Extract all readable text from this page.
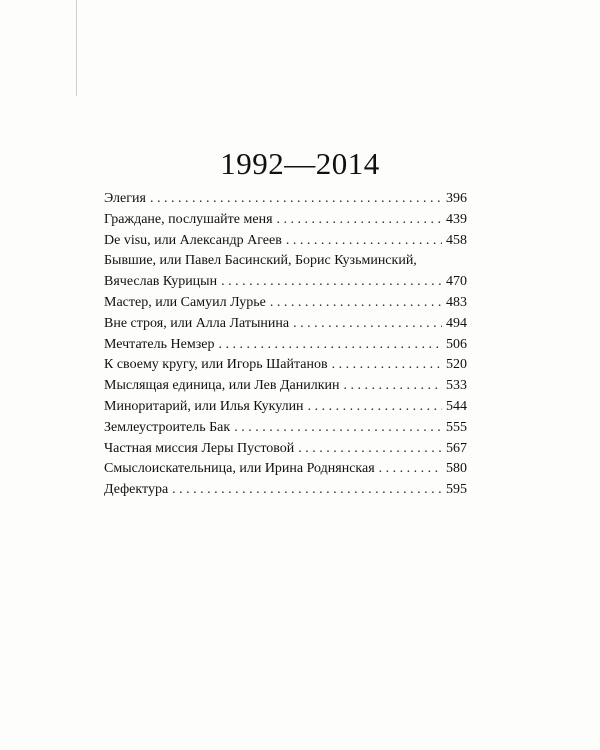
1992—2014
Элегия . . .	396
Граждане, послушайте меня . . .	439
De visu, или Александр Агеев . . .	458
Бывшие, или Павел Басинский, Борис Кузьминский,
Вячеслав Курицын . . .	470
Мастер, или Самуил Лурье . . .	483
Вне строя, или Алла Латынина . . .	494
Мечтатель Немзер . . .	506
К своему кругу, или Игорь Шайтанов . . .	520
Мыслящая единица, или Лев Данилкин . . .	533
Миноритарий, или Илья Кукулин . . .	544
Землеустроитель Бак . . .	555
Частная миссия Леры Пустовой . . .	567
Смыслоискательница, или Ирина Роднянская . . .	580
Дефектура . . .	595
